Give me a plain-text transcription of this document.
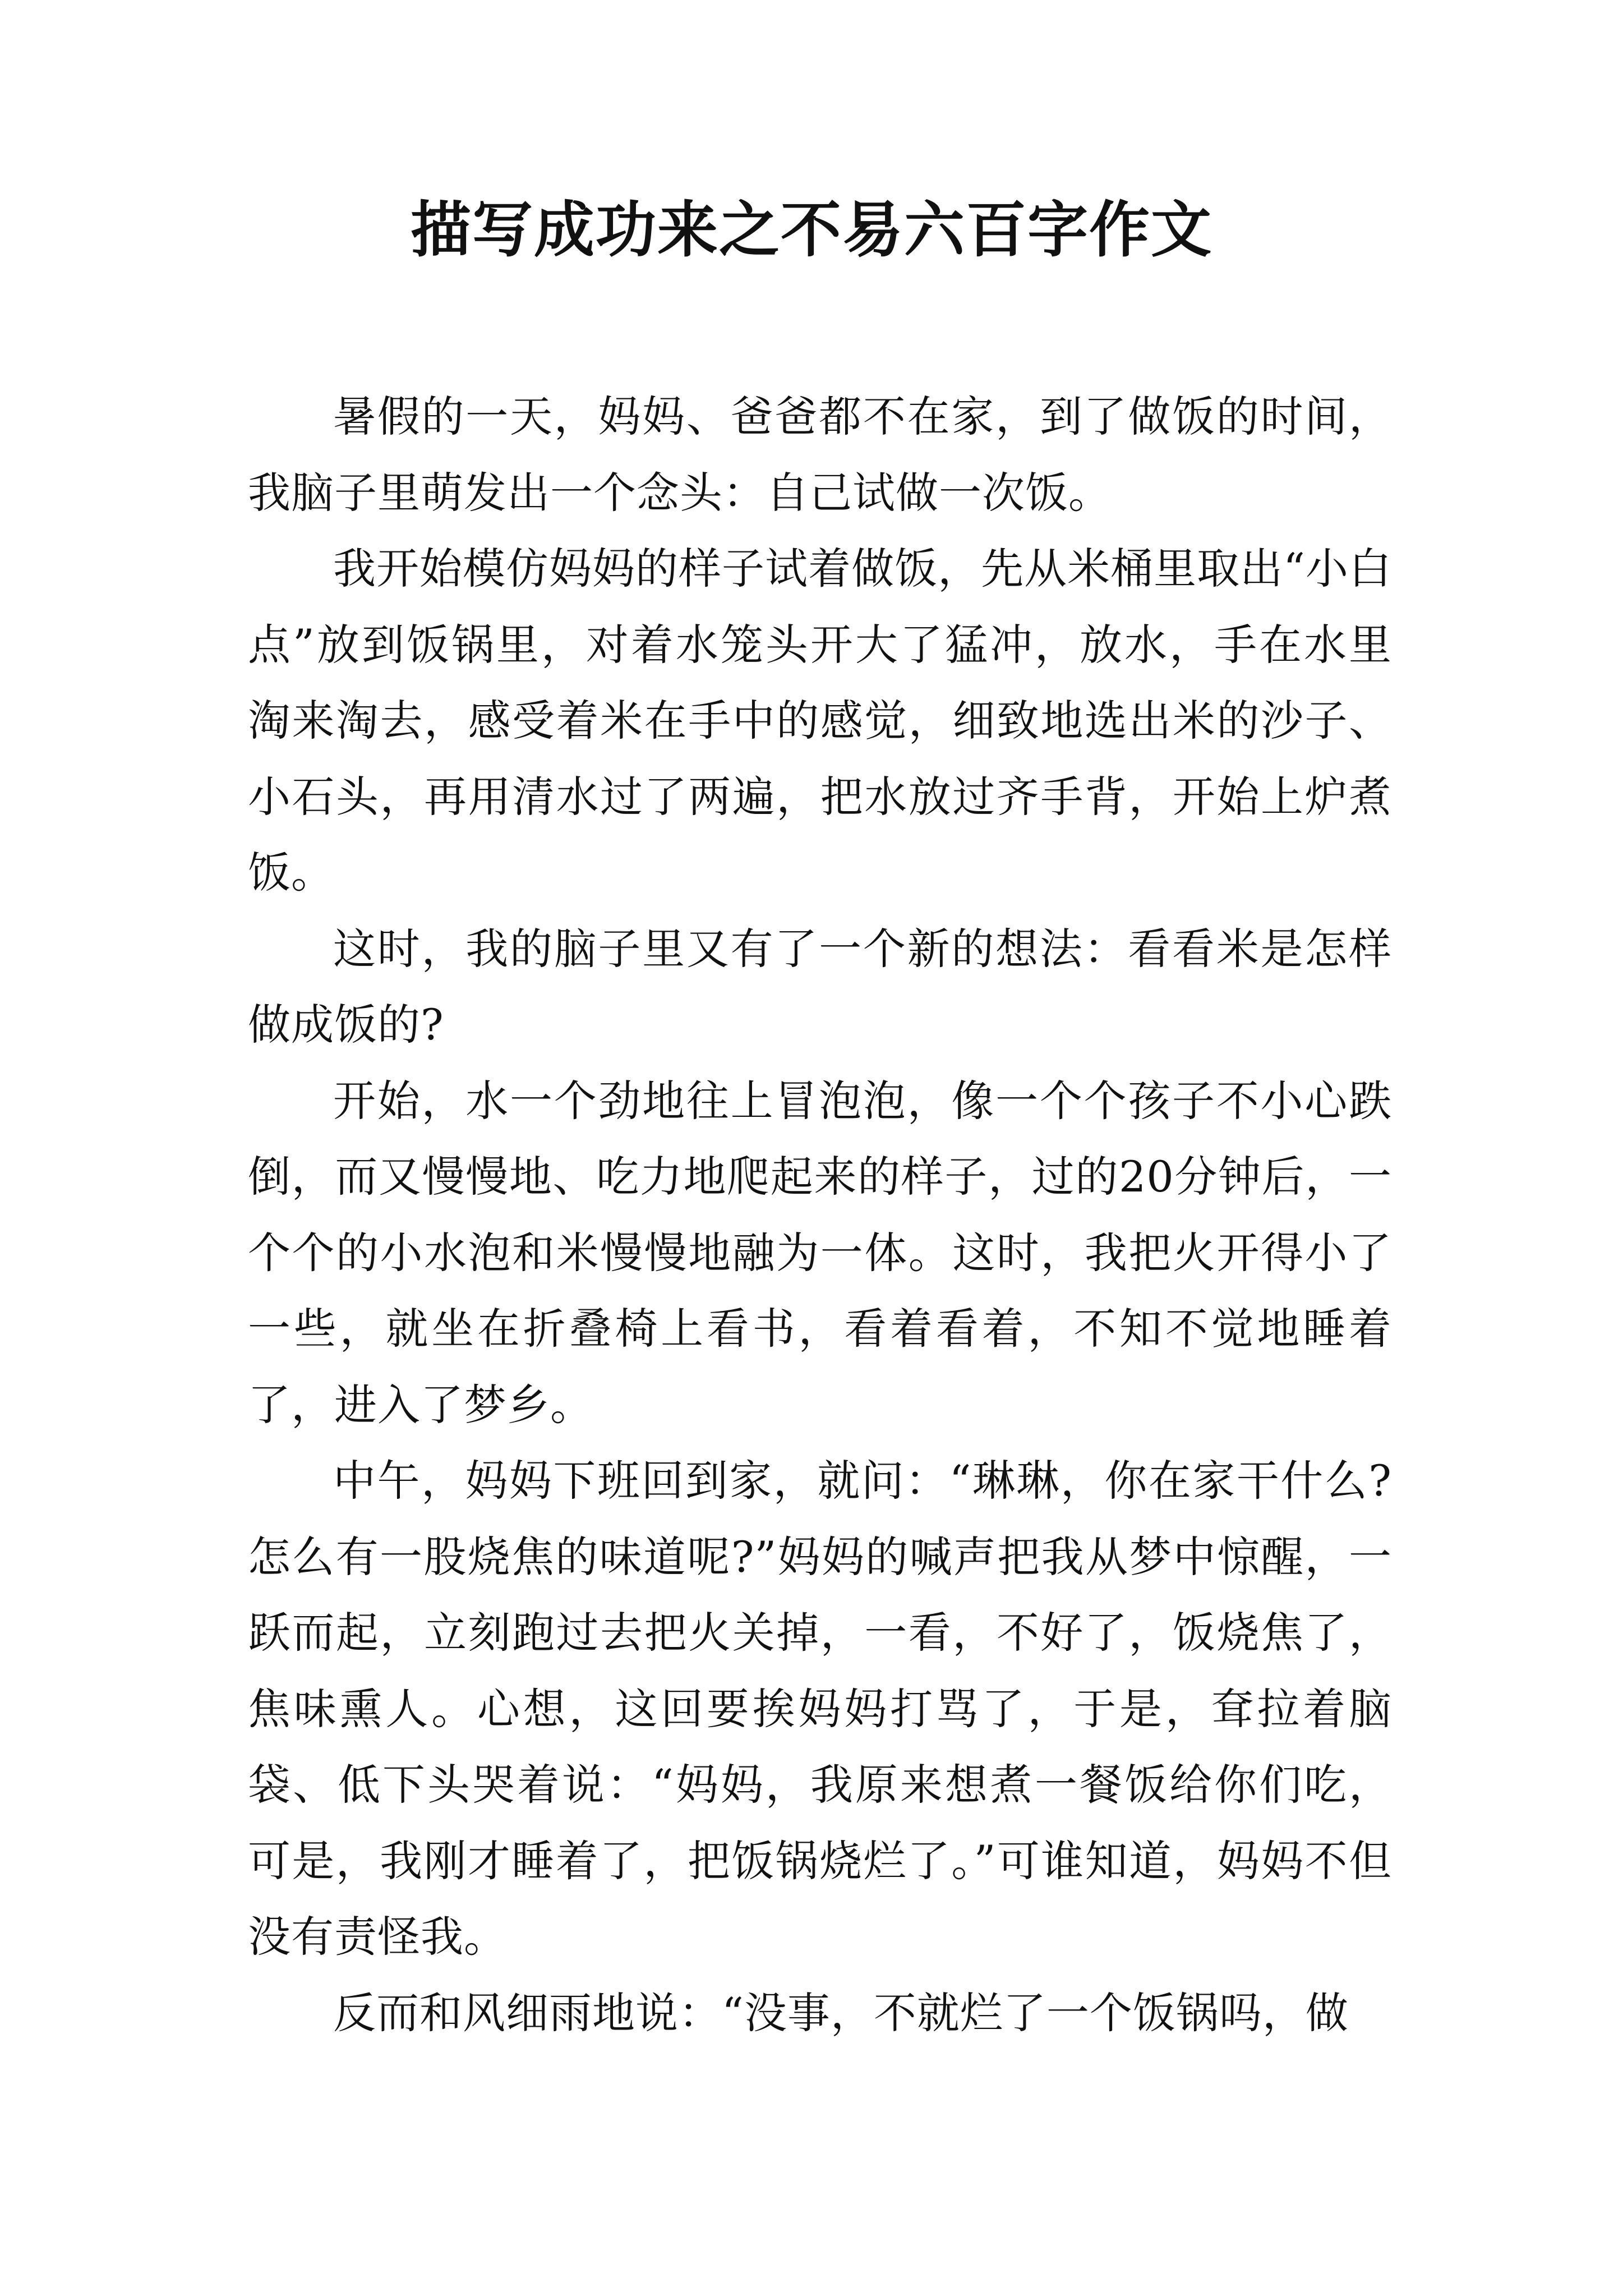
描写成功来之不易六百字作文

暑假的一天，妈妈、爸爸都不在家，到了做饭的时间，我脑子里萌发出一个念头：自己试做一次饭。

我开始模仿妈妈的样子试着做饭，先从米桶里取出“小白点”放到饭锅里，对着水笼头开大了猛冲，放水，手在水里淘来淘去，感受着米在手中的感觉，细致地选出米的沙子、小石头，再用清水过了两遍，把水放过齐手背，开始上炉煮饭。

这时，我的脑子里又有了一个新的想法：看看米是怎样做成饭的?

开始，水一个劲地往上冒泡泡，像一个个孩子不小心跌倒，而又慢慢地、吃力地爬起来的样子，过的20分钟后，一个个的小水泡和米慢慢地融为一体。这时，我把火开得小了一些，就坐在折叠椅上看书，看着看着，不知不觉地睡着了，进入了梦乡。

中午，妈妈下班回到家，就问：“琳琳，你在家干什么?怎么有一股烧焦的味道呢?”妈妈的喊声把我从梦中惊醒，一跃而起，立刻跑过去把火关掉，一看，不好了，饭烧焦了，焦味熏人。心想，这回要挨妈妈打骂了，于是，耷拉着脑袋、低下头哭着说：“妈妈，我原来想煮一餐饭给你们吃，可是，我刚才睡着了，把饭锅烧烂了。”可谁知道，妈妈不但没有责怪我。

反而和风细雨地说：“没事，不就烂了一个饭锅吗，做
